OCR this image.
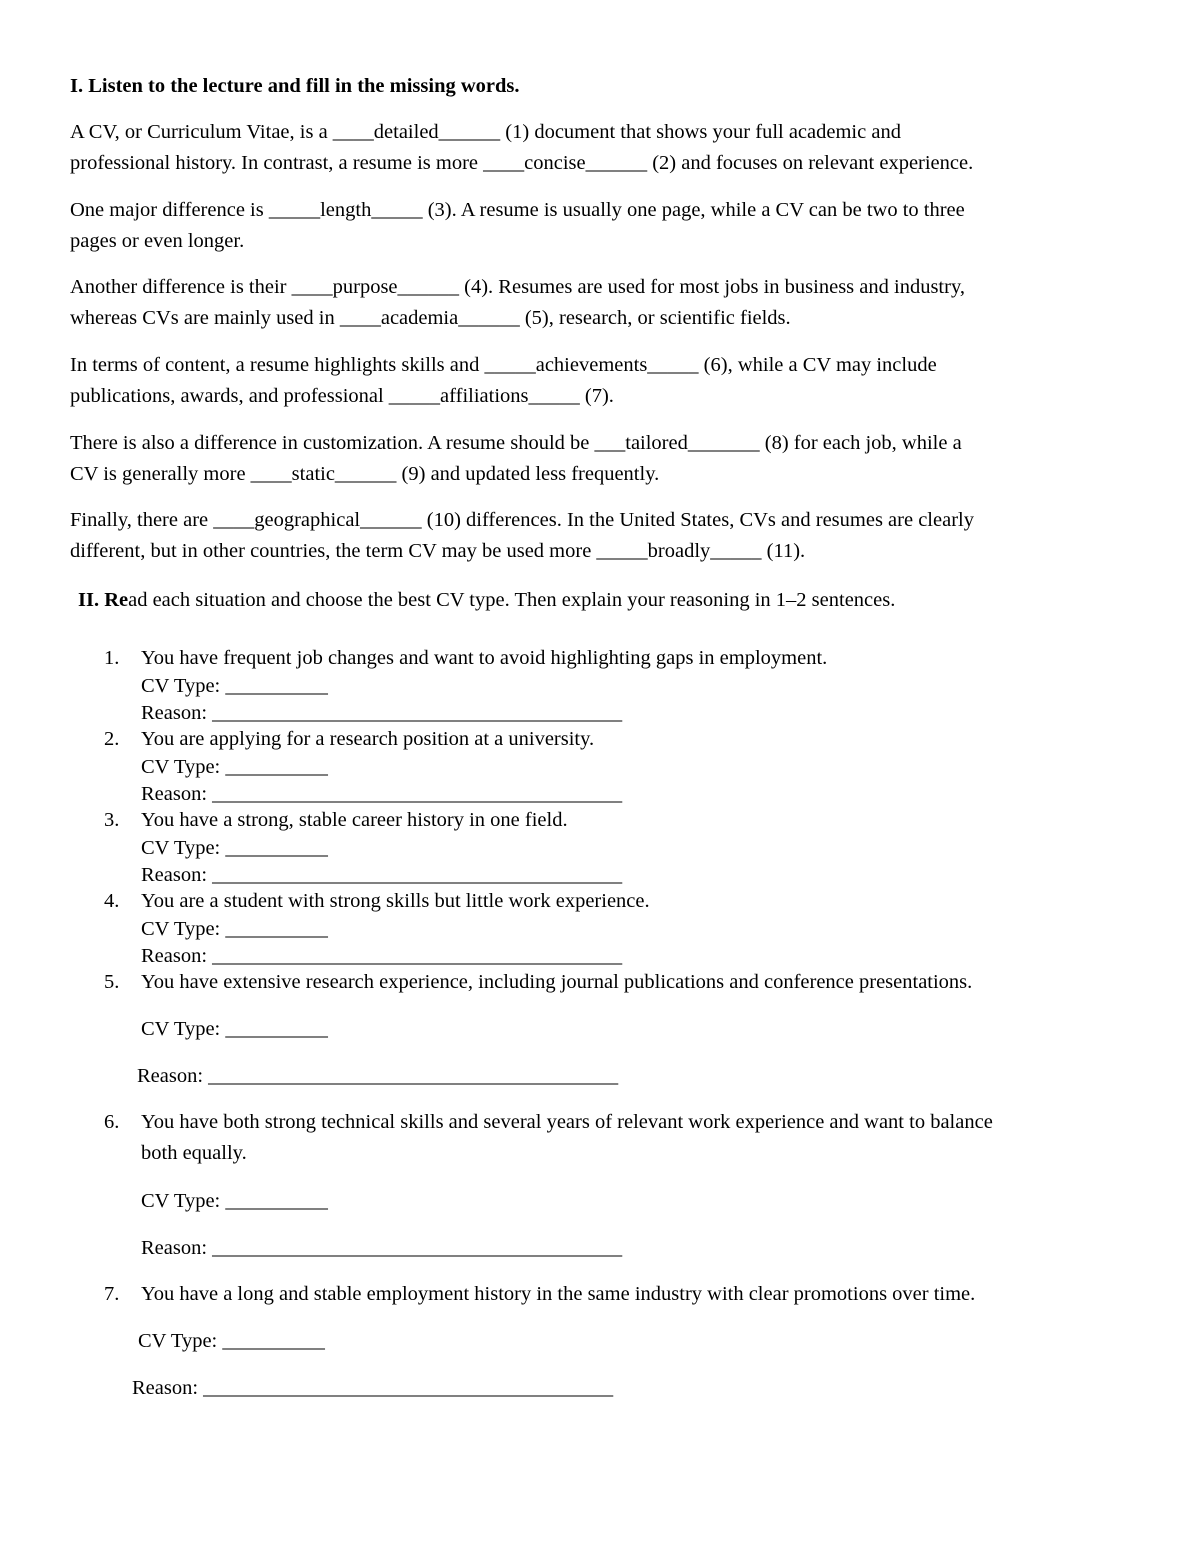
I. Listen to the lecture and fill in the missing words.
A CV, or Curriculum Vitae, is a ____detailed______ (1) document that shows your full academic and
professional history. In contrast, a resume is more ____concise______ (2) and focuses on relevant experience.
One major difference is _____length_____ (3). A resume is usually one page, while a CV can be two to three
pages or even longer.
Another difference is their ____purpose______ (4). Resumes are used for most jobs in business and industry,
whereas CVs are mainly used in ____academia______ (5), research, or scientific fields.
In terms of content, a resume highlights skills and _____achievements_____ (6), while a CV may include
publications, awards, and professional _____affiliations_____ (7).
There is also a difference in customization. A resume should be ___tailored_______ (8) for each job, while a
CV is generally more ____static______ (9) and updated less frequently.
Finally, there are ____geographical______ (10) differences. In the United States, CVs and resumes are clearly
different, but in other countries, the term CV may be used more _____broadly_____ (11).
II. Read each situation and choose the best CV type. Then explain your reasoning in 1–2 sentences.
1.	You have frequent job changes and want to avoid highlighting gaps in employment.
CV Type: __________
Reason: ________________________________________
2.	You are applying for a research position at a university.
CV Type: __________
Reason: ________________________________________
3.	You have a strong, stable career history in one field.
CV Type: __________
Reason: ________________________________________
4.	You are a student with strong skills but little work experience.
CV Type: __________
Reason: ________________________________________
5.	You have extensive research experience, including journal publications and conference presentations.
CV Type: __________
Reason: ________________________________________
6.	You have both strong technical skills and several years of relevant work experience and want to balance
both equally.
CV Type: __________
Reason: ________________________________________
7.	You have a long and stable employment history in the same industry with clear promotions over time.
CV Type: __________
Reason: ________________________________________
